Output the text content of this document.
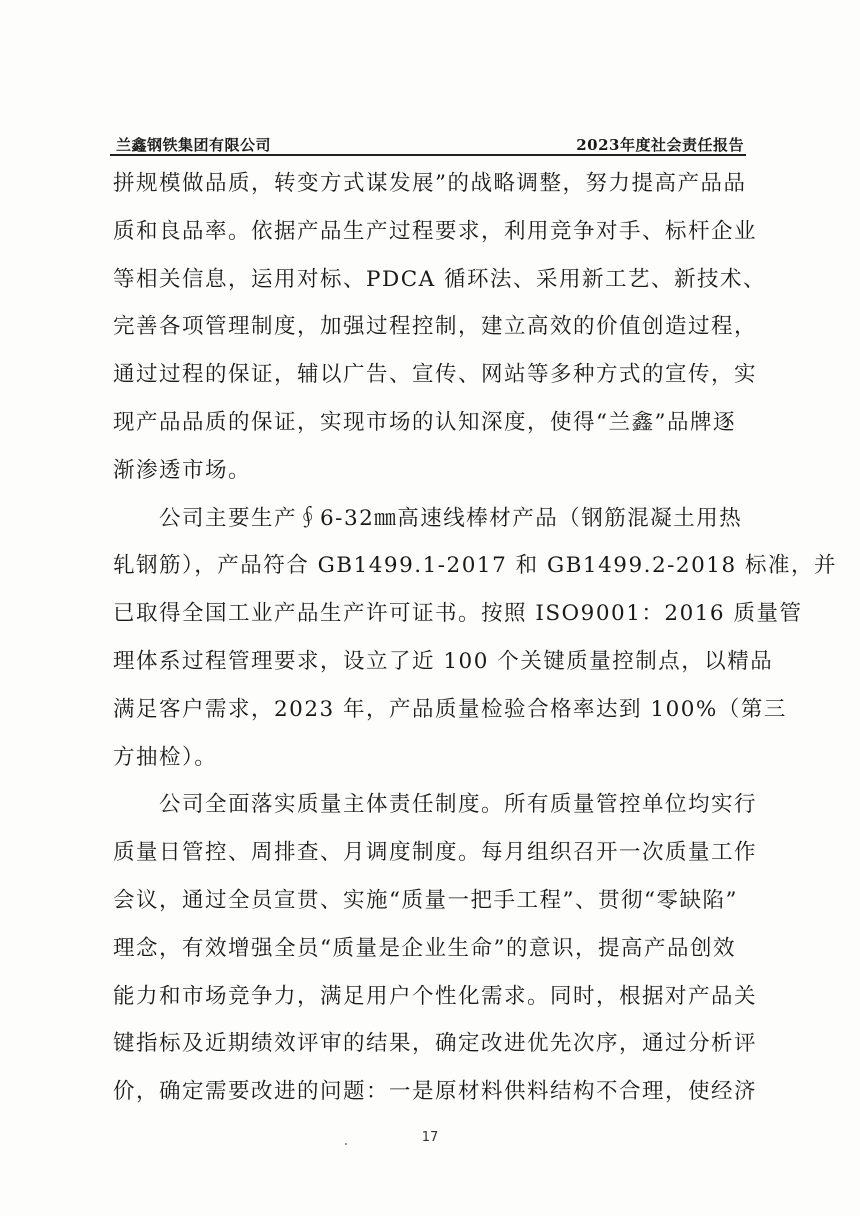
兰鑫钢铁集团有限公司	2023年度社会责任报告
拼规模做品质，转变方式谋发展”的战略调整，努力提高产品品
质和良品率。依据产品生产过程要求，利用竞争对手、标杆企业
等相关信息，运用对标、PDCA 循环法、采用新工艺、新技术、
完善各项管理制度，加强过程控制，建立高效的价值创造过程，
通过过程的保证，辅以广告、宣传、网站等多种方式的宣传，实
现产品品质的保证，实现市场的认知深度，使得“兰鑫”品牌逐
渐渗透市场。
公司主要生产∮6-32㎜高速线棒材产品（钢筋混凝土用热
轧钢筋），产品符合 GB1499.1-2017 和 GB1499.2-2018 标准，并
已取得全国工业产品生产许可证书。按照 ISO9001：2016 质量管
理体系过程管理要求，设立了近 100 个关键质量控制点，以精品
满足客户需求，2023 年，产品质量检验合格率达到 100%（第三
方抽检）。
公司全面落实质量主体责任制度。所有质量管控单位均实行
质量日管控、周排查、月调度制度。每月组织召开一次质量工作
会议，通过全员宣贯、实施“质量一把手工程”、贯彻“零缺陷”
理念，有效增强全员“质量是企业生命”的意识，提高产品创效
能力和市场竞争力，满足用户个性化需求。同时，根据对产品关
键指标及近期绩效评审的结果，确定改进优先次序，通过分析评
价，确定需要改进的问题：一是原材料供料结构不合理，使经济
17
